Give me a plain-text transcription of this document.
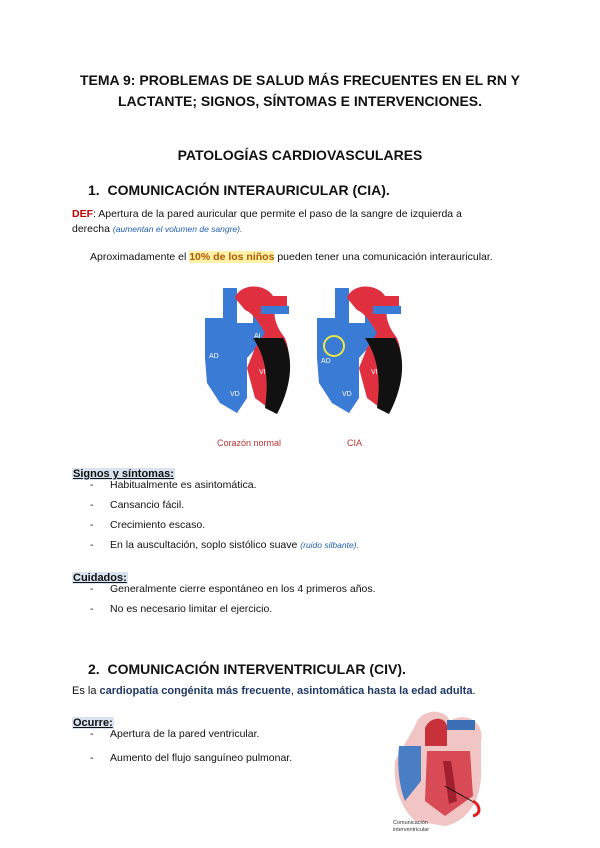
TEMA 9: PROBLEMAS DE SALUD MÁS FRECUENTES EN EL RN Y
LACTANTE; SIGNOS, SÍNTOMAS E INTERVENCIONES.
PATOLOGÍAS CARDIOVASCULARES
1. COMUNICACIÓN INTERAURICULAR (CIA).
DEF: Apertura de la pared auricular que permite el paso de la sangre de izquierda a
derecha (aumentan el volumen de sangre).
Aproximadamente el 10% de los niños pueden tener una comunicación interauricular.
AD
AI
VI
VD
AD
VI
VD
Corazón normal	CIA
Signos y síntomas:
- Habitualmente es asintomática.
- Cansancio fácil.
- Crecimiento escaso.
- En la auscultación, soplo sistólico suave (ruido silbante).
Cuidados:
- Generalmente cierre espontáneo en los 4 primeros años.
- No es necesario limitar el ejercicio.
2. COMUNICACIÓN INTERVENTRICULAR (CIV).
Es la cardiopatía congénita más frecuente, asintomática hasta la edad adulta.
Ocurre:
- Apertura de la pared ventricular.
- Aumento del flujo sanguíneo pulmonar.
Comunicación
interventricular
